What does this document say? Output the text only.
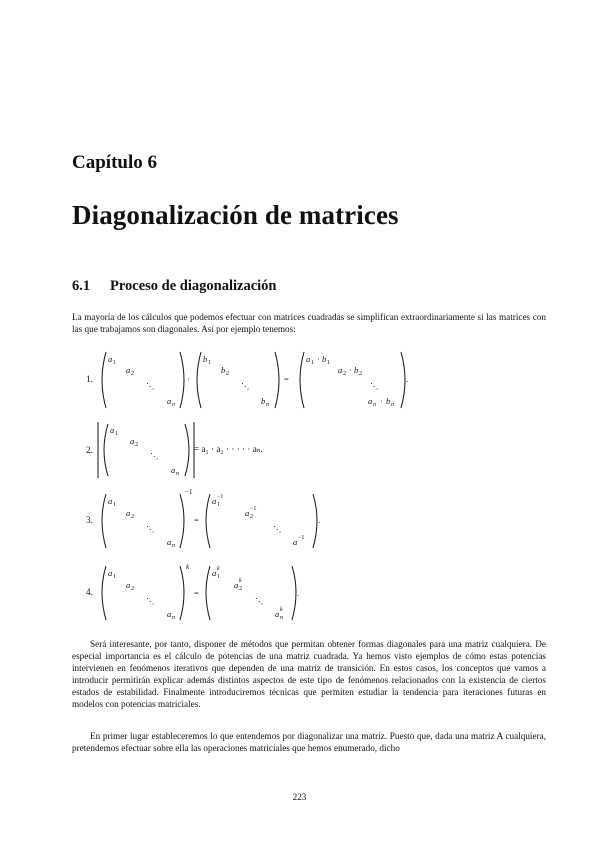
Capítulo 6
Diagonalización de matrices
6.1 Proceso de diagonalización

La mayoría de los cálculos que podemos efectuar con matrices cuadradas se simplifican extraordinariamente si las matrices con las que trabajamos son diagonales. Así por ejemplo tenemos:

1.
2.
3.
4.
a 1
a 2
⋱
a n
·
b 1
b 2
⋱
b n
=
a 1 · b 1
a 2 · b 2
⋱
a n · b n
.
a 1
a 2
⋱
a n
a 1
a 2
⋱
a n
−1
=
a 1
−1
a 2
−1
⋱
a −1
.
a 1
a 2
⋱
a n
k
=
a 1
k
a 2
k
⋱
a n
k
.
= a₁ · a₂ · · · · · aₙ.

Será interesante, por tanto, disponer de métodos que permitan obtener formas diagonales para una matriz cualquiera. De especial importancia es el cálculo de potencias de una matriz cuadrada. Ya hemos visto ejemplos de cómo estas potencias intervienen en fenómenos iterativos que dependen de una matriz de transición. En estos casos, los conceptos que vamos a introducir permitirán explicar además distintos aspectos de este tipo de fenómenos relacionados con la existencia de ciertos estados de estabilidad. Finalmente introduciremos técnicas que permiten estudiar la tendencia para iteraciones futuras en modelos con potencias matriciales.

En primer lugar estableceremos lo que entendemos por diagonalizar una matriz. Puesto que, dada una matriz A cualquiera, pretendemos efectuar sobre ella las operaciones matriciales que hemos enumerado, dicho

223
